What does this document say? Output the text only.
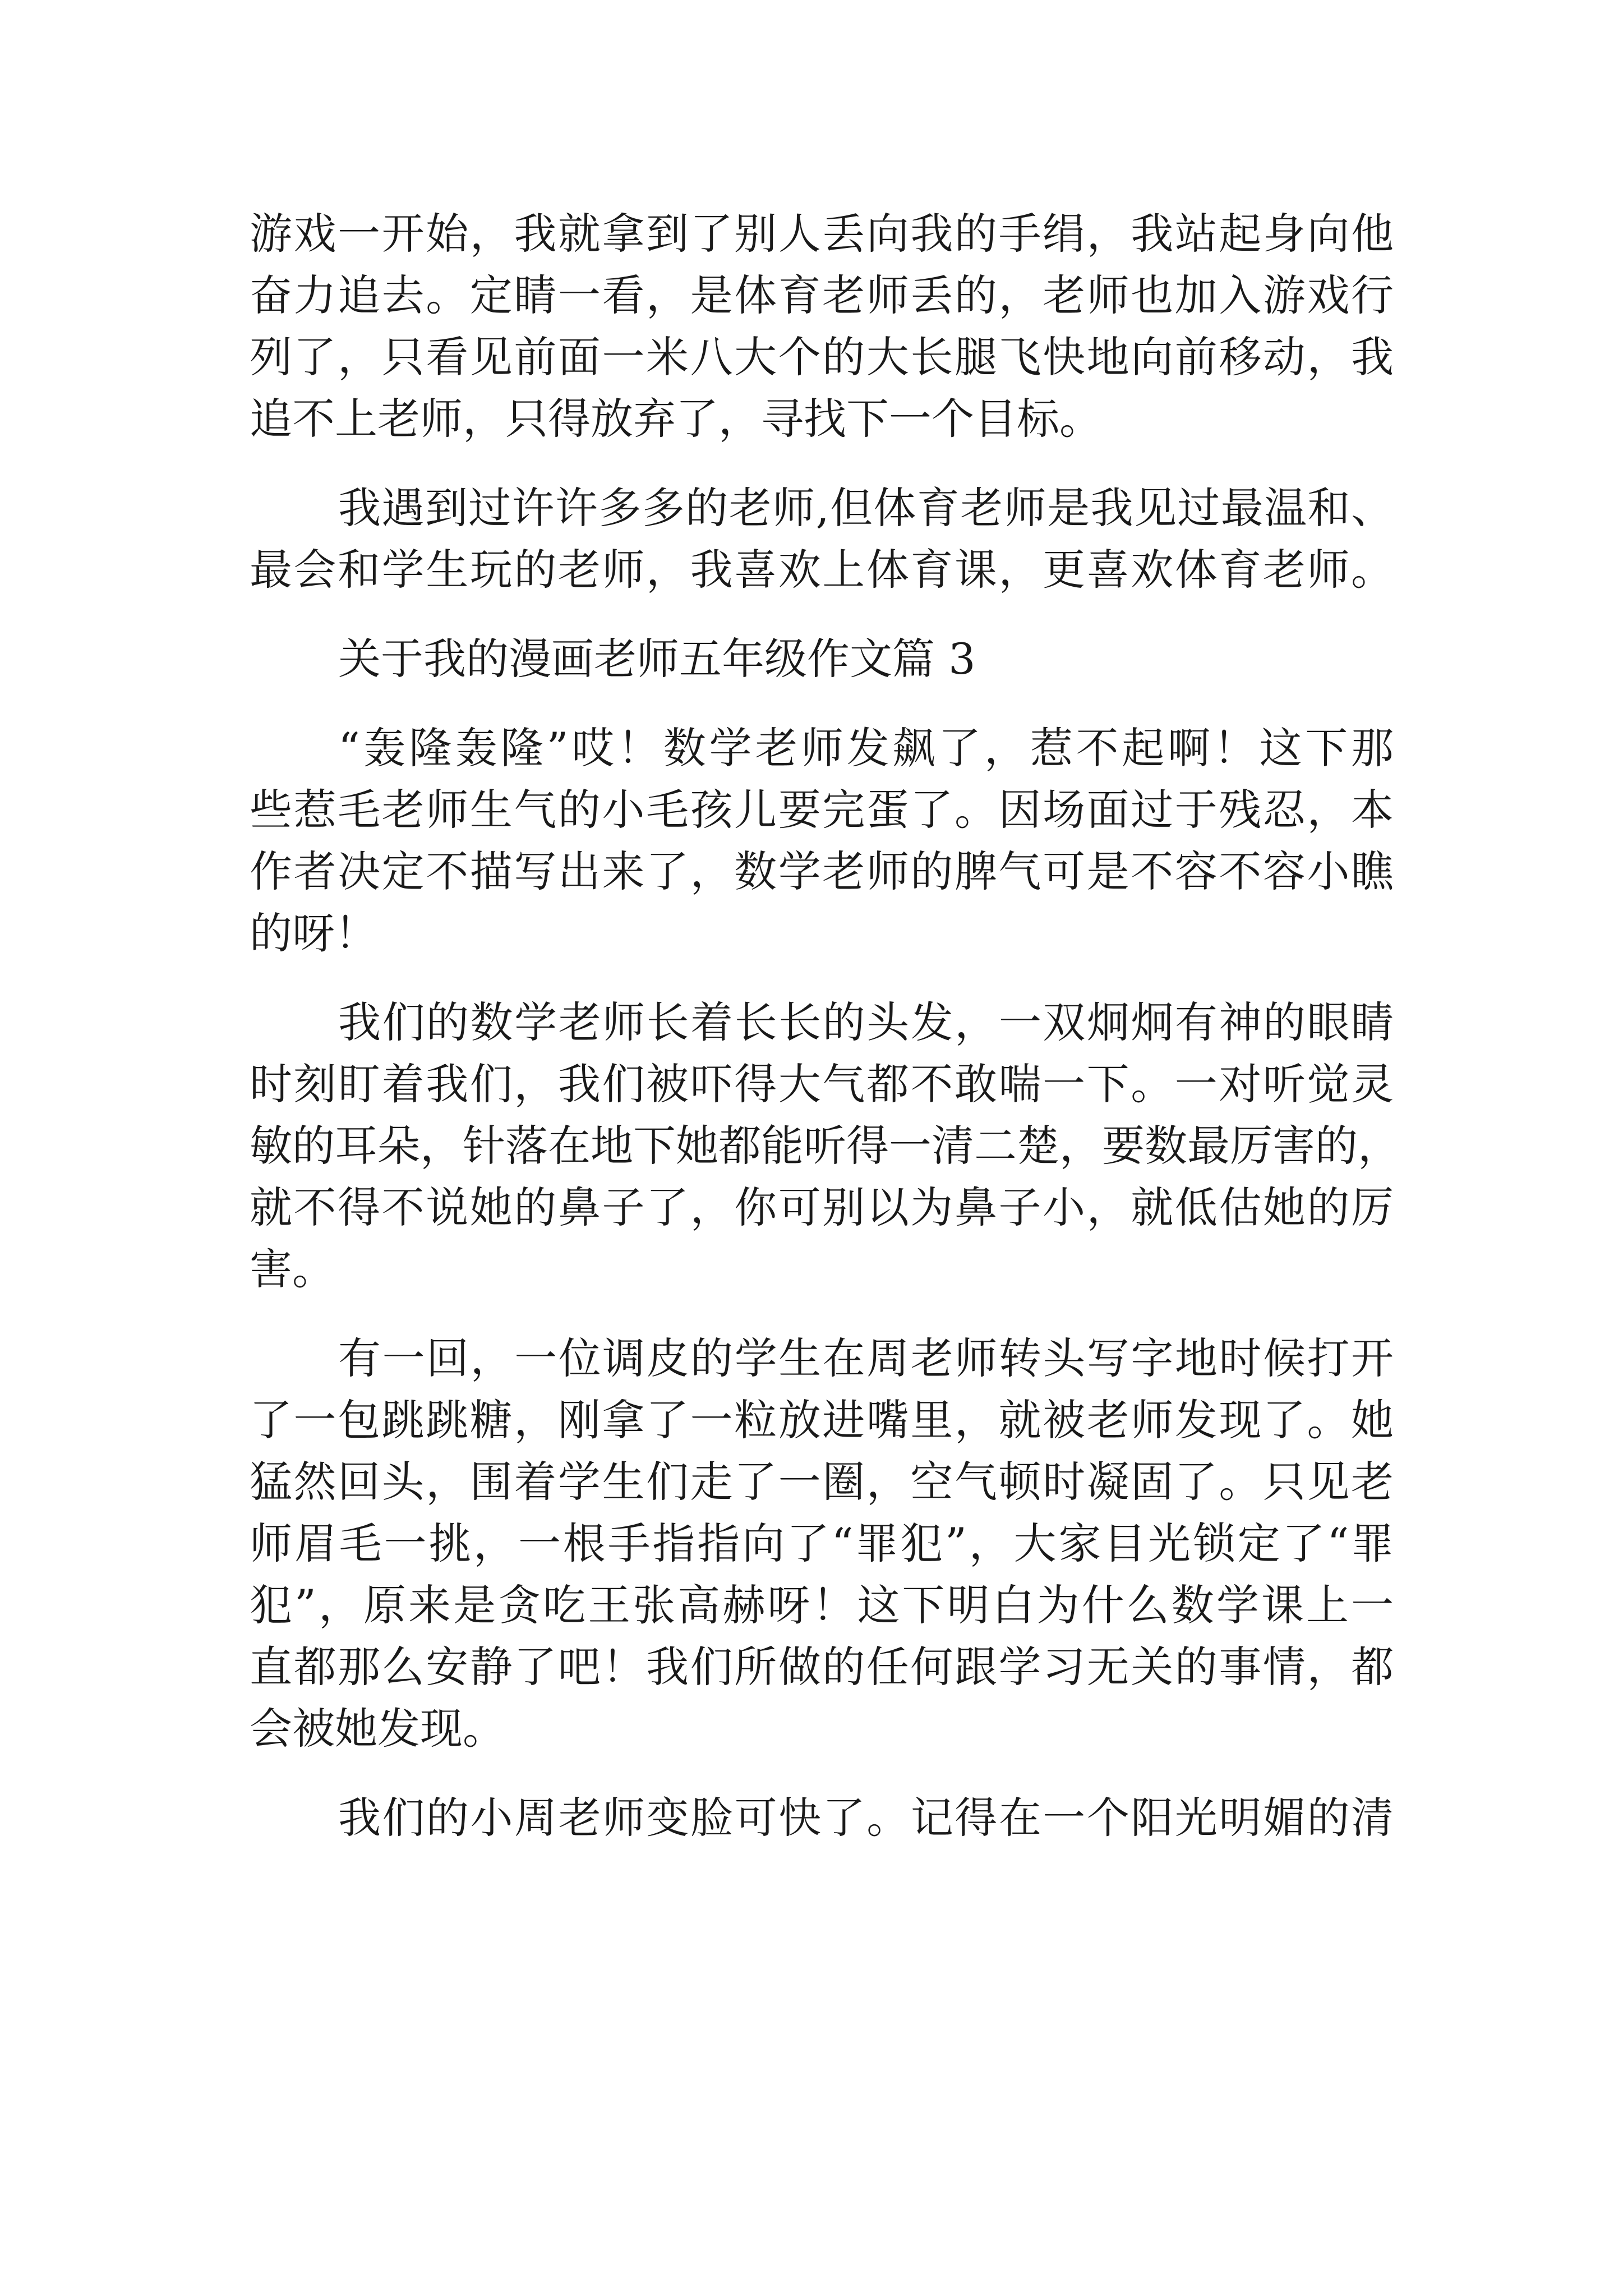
游戏一开始，我就拿到了别人丢向我的手绢，我站起身向他
奋力追去。定睛一看，是体育老师丢的，老师也加入游戏行
列了，只看见前面一米八大个的大长腿飞快地向前移动，我
追不上老师，只得放弃了，寻找下一个目标。
我遇到过许许多多的老师,但体育老师是我见过最温和、
最会和学生玩的老师，我喜欢上体育课，更喜欢体育老师。
关于我的漫画老师五年级作文篇 3
“轰隆轰隆”哎！数学老师发飙了，惹不起啊！这下那
些惹毛老师生气的小毛孩儿要完蛋了。因场面过于残忍，本
作者决定不描写出来了，数学老师的脾气可是不容不容小瞧
的呀！
我们的数学老师长着长长的头发，一双炯炯有神的眼睛
时刻盯着我们，我们被吓得大气都不敢喘一下。一对听觉灵
敏的耳朵，针落在地下她都能听得一清二楚，要数最厉害的，
就不得不说她的鼻子了，你可别以为鼻子小，就低估她的厉
害。
有一回，一位调皮的学生在周老师转头写字地时候打开
了一包跳跳糖，刚拿了一粒放进嘴里，就被老师发现了。她
猛然回头，围着学生们走了一圈，空气顿时凝固了。只见老
师眉毛一挑，一根手指指向了“罪犯”，大家目光锁定了“罪
犯”，原来是贪吃王张高赫呀！这下明白为什么数学课上一
直都那么安静了吧！我们所做的任何跟学习无关的事情，都
会被她发现。
我们的小周老师变脸可快了。记得在一个阳光明媚的清
